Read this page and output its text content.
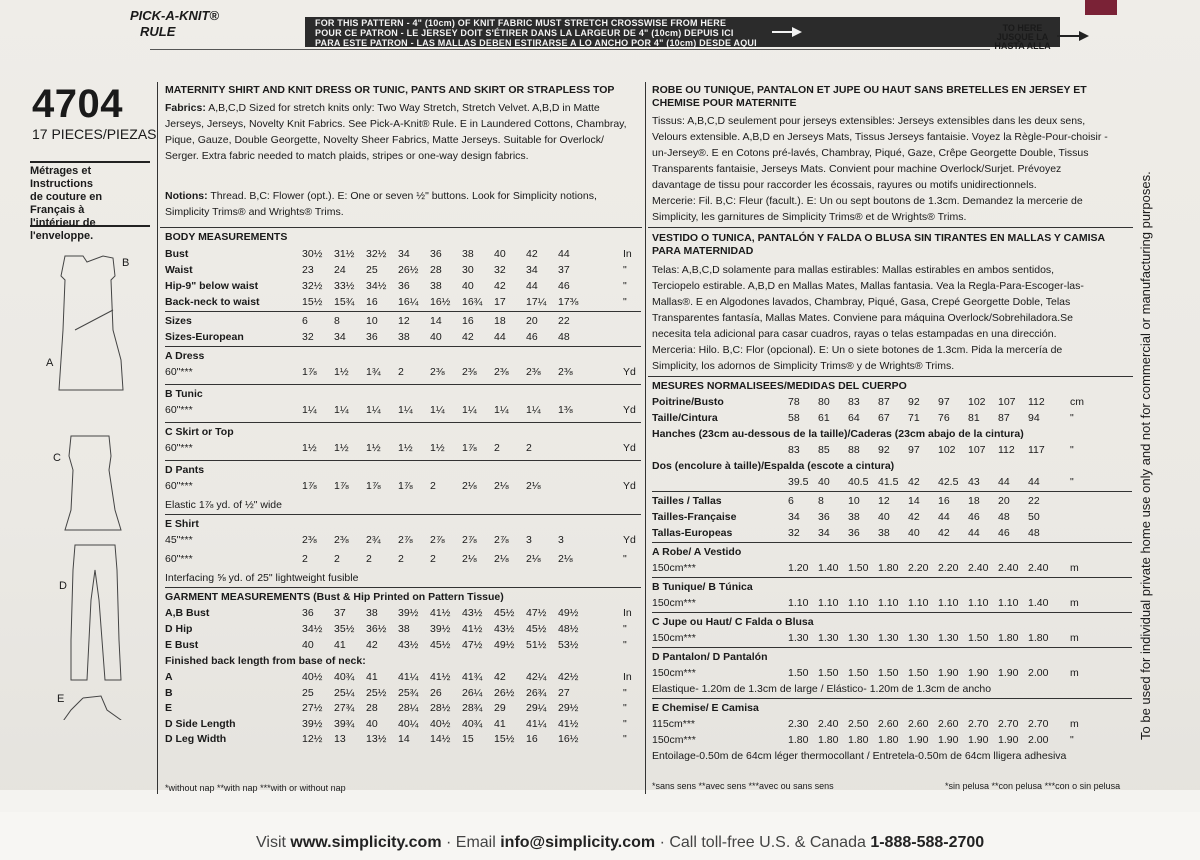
PICK-A-KNIT®
RULE
FOR THIS PATTERN - 4" (10cm) OF KNIT FABRIC MUST STRETCH CROSSWISE FROM HERE
POUR CE PATRON - LE JERSEY DOIT S'ÉTIRER DANS LA LARGEUR DE 4" (10cm) DEPUIS ICI
PARA ESTE PATRON - LAS MALLAS DEBEN ESTIRARSE A LO ANCHO POR 4" (10cm) DESDE AQUI
TO HERE
JUSQUE LA
HASTA ALLA
4704
17 PIECES/PIEZAS
Métrages et Instructions
de couture en Français à
l'intérieur de
l'enveloppe.
B
A
C
D
E
MATERNITY SHIRT AND KNIT DRESS OR TUNIC, PANTS AND SKIRT OR STRAPLESS TOP
Fabrics: A,B,C,D Sized for stretch knits only: Two Way Stretch, Stretch Velvet. A,B,D in Matte
Jerseys, Jerseys, Novelty Knit Fabrics. See Pick-A-Knit® Rule. E in Laundered Cottons, Chambray,
Pique, Gauze, Double Georgette, Novelty Sheer Fabrics, Matte Jerseys. Suitable for Overlock/
Serger. Extra fabric needed to match plaids, stripes or one-way design fabrics.
Notions: Thread. B,C: Flower (opt.). E: One or seven ½" buttons. Look for Simplicity notions,
Simplicity Trims® and Wrights® Trims.
BODY MEASUREMENTS
Bust	30½	31½	32½	34	36	38	40	42	44	In
Waist	23	24	25	26½	28	30	32	34	37	"
Hip-9" below waist	32½	33½	34½	36	38	40	42	44	46	"
Back-neck to waist	15½	15¾	16	16¼	16½	16¾	17	17¼	17⅜	"
Sizes	6	8	10	12	14	16	18	20	22
Sizes-European	32	34	36	38	40	42	44	46	48
A Dress
60"***	1⅞	1½	1¾	2	2⅜	2⅜	2⅜	2⅜	2⅜	Yd
B Tunic
60"***	1¼	1¼	1¼	1¼	1¼	1¼	1¼	1¼	1⅜	Yd
C Skirt or Top
60"***	1½	1½	1½	1½	1½	1⅞	2	2	Yd
D Pants
60"***	1⅞	1⅞	1⅞	1⅞	2	2⅛	2⅛	2⅛	Yd
Elastic 1⅞ yd. of ½" wide
E Shirt
45"***	2⅜	2⅜	2¾	2⅞	2⅞	2⅞	2⅞	3	3	Yd
60"***	2	2	2	2	2	2⅛	2⅛	2⅛	2⅛	"
Interfacing ⅝ yd. of 25" lightweight fusible
GARMENT MEASUREMENTS (Bust & Hip Printed on Pattern Tissue)
A,B Bust	36	37	38	39½	41½	43½	45½	47½	49½	In
D Hip	34½	35½	36½	38	39½	41½	43½	45½	48½	"
E Bust	40	41	42	43½	45½	47½	49½	51½	53½	"
Finished back length from base of neck:
A	40½	40¾	41	41¼	41½	41¾	42	42¼	42½	In
B	25	25¼	25½	25¾	26	26¼	26½	26¾	27	"
E	27½	27¾	28	28¼	28½	28¾	29	29¼	29½	"
D Side Length	39½	39¾	40	40¼	40½	40¾	41	41¼	41½	"
D Leg Width	12½	13	13½	14	14½	15	15½	16	16½	"
*without nap **with nap ***with or without nap
ROBE OU TUNIQUE, PANTALON ET JUPE OU HAUT SANS BRETELLES EN JERSEY ET CHEMISE POUR MATERNITE
Tissus: A,B,C,D seulement pour jerseys extensibles: Jerseys extensibles dans les deux sens,
Velours extensible. A,B,D en Jerseys Mats, Tissus Jerseys fantaisie. Voyez la Règle-Pour-choisir -
un-Jersey®. E en Cotons pré-lavés, Chambray, Piqué, Gaze, Crêpe Georgette Double, Tissus
Transparents fantaisie, Jerseys Mats. Convient pour machine Overlock/Surjet. Prévoyez
davantage de tissu pour raccorder les écossais, rayures ou motifs unidirectionnels.
Mercerie: Fil. B,C: Fleur (facult.). E: Un ou sept boutons de 1.3cm. Demandez la mercerie de
Simplicity, les garnitures de Simplicity Trims® et de Wrights® Trims.
VESTIDO O TUNICA, PANTALÓN Y FALDA O BLUSA SIN TIRANTES EN MALLAS Y CAMISA PARA MATERNIDAD
Telas: A,B,C,D solamente para mallas estirables: Mallas estirables en ambos sentidos,
Terciopelo estirable. A,B,D en Mallas Mates, Mallas fantasia. Vea la Regla-Para-Escoger-las-
Mallas®. E en Algodones lavados, Chambray, Piqué, Gasa, Crepé Georgette Doble, Telas
Transparentes fantasía, Mallas Mates. Conviene para máquina Overlock/Sobrehiladora.Se
necesita tela adicional para casar cuadros, rayas o telas estampadas en una dirección.
Merceria: Hilo. B,C: Flor (opcional). E: Un o siete botones de 1.3cm. Pida la mercería de
Simplicity, los adornos de Simplicity Trims® y de Wrights® Trims.
MESURES NORMALISEES/MEDIDAS DEL CUERPO
Poitrine/Busto	78	80	83	87	92	97	102	107	112	cm
Taille/Cintura	58	61	64	67	71	76	81	87	94	"
Hanches (23cm au-dessous de la taille)/Caderas (23cm abajo de la cintura)
83	85	88	92	97	102	107	112	117	"
Dos (encolure à taille)/Espalda (escote a cintura)
39.5 40	40.5 41.5 42	42.5 43	44	44	"
Tailles / Tallas	6	8	10	12	14	16	18	20	22
Tailles-Française	34	36	38	40	42	44	46	48	50
Tallas-Europeas	32	34	36	38	40	42	44	46	48
A Robe/ A Vestido
150cm***	1.20 1.40 1.50 1.80 2.20 2.20 2.40 2.40 2.40	m
B Tunique/ B Túnica
150cm***	1.10 1.10 1.10 1.10 1.10 1.10 1.10 1.10 1.40	m
C Jupe ou Haut/ C Falda o Blusa
150cm***	1.30 1.30 1.30 1.30 1.30 1.30 1.50 1.80 1.80	m
D Pantalon/ D Pantalón
150cm***	1.50 1.50 1.50 1.50 1.50 1.90 1.90 1.90 2.00	m
Elastique- 1.20m de 1.3cm de large / Elástico- 1.20m de 1.3cm de ancho
E Chemise/ E Camisa
115cm***	2.30 2.40 2.50 2.60 2.60 2.60 2.70 2.70 2.70	m
150cm***	1.80 1.80 1.80 1.80 1.90 1.90 1.90 1.90 2.00	"
Entoilage-0.50m de 64cm léger thermocollant / Entretela-0.50m de 64cm lligera adhesiva
*sans sens **avec sens ***avec ou sans sens	*sin pelusa **con pelusa ***con o sin pelusa
To be used for individual private home use only and not for commercial or manufacturing purposes.
Visit www.simplicity.com · Email info@simplicity.com · Call toll-free U.S. & Canada 1-888-588-2700
